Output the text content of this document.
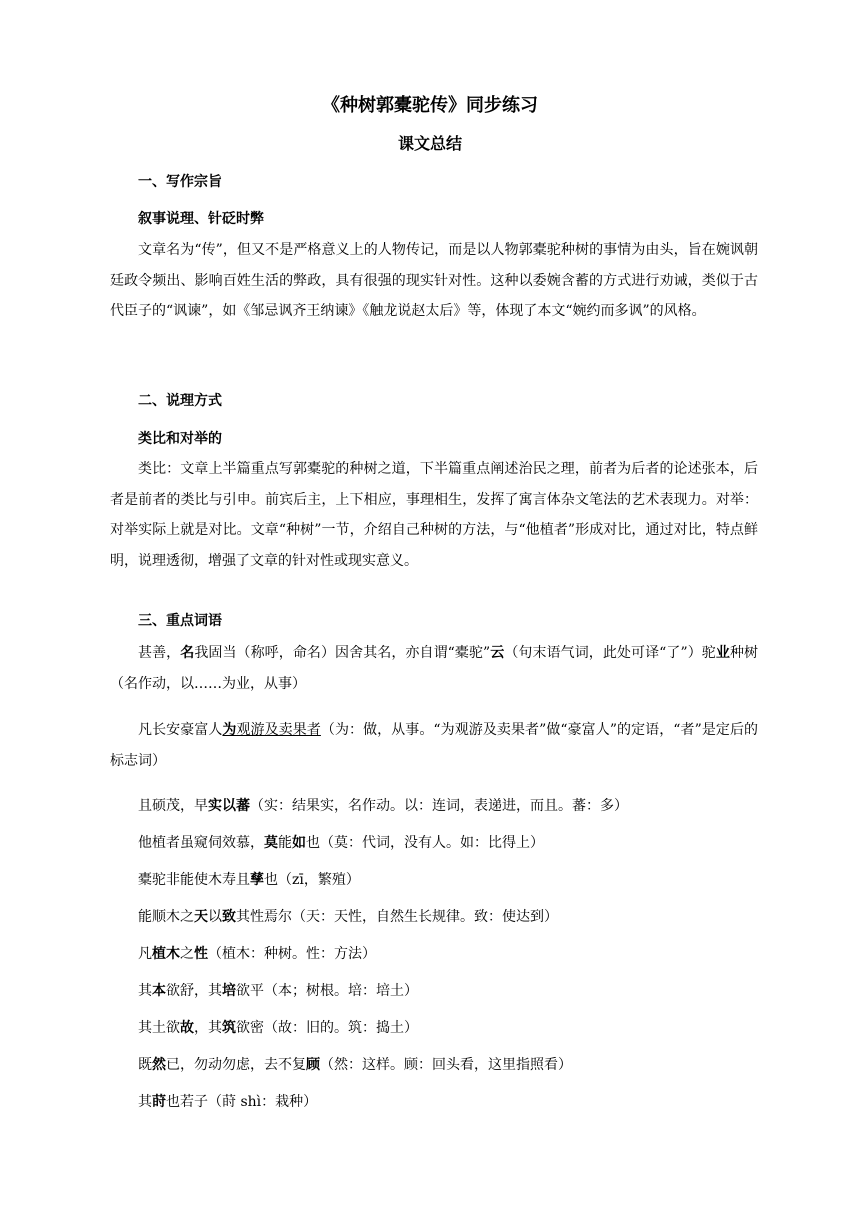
《种树郭橐驼传》同步练习
课文总结
一、写作宗旨
叙事说理、针砭时弊
文章名为“传”，但又不是严格意义上的人物传记，而是以人物郭橐驼种树的事情为由头，旨在婉讽朝廷政令频出、影响百姓生活的弊政，具有很强的现实针对性。这种以委婉含蓄的方式进行劝诫，类似于古代臣子的“讽谏”，如《邹忌讽齐王纳谏》《触龙说赵太后》等，体现了本文“婉约而多讽”的风格。
二、说理方式
类比和对举的
类比：文章上半篇重点写郭橐驼的种树之道，下半篇重点阐述治民之理，前者为后者的论述张本，后者是前者的类比与引申。前宾后主，上下相应，事理相生，发挥了寓言体杂文笔法的艺术表现力。对举：对举实际上就是对比。文章“种树”一节，介绍自己种树的方法，与“他植者”形成对比，通过对比，特点鲜明，说理透彻，增强了文章的针对性或现实意义。
三、重点词语
甚善，名我固当（称呼，命名）因舍其名，亦自谓“橐驼”云（句末语气词，此处可译“了”）驼业种树（名作动，以……为业，从事）
凡长安豪富人为观游及卖果者（为：做，从事。“为观游及卖果者”做“豪富人”的定语，“者”是定后的标志词）
且硕茂，早实以蕃（实：结果实，名作动。以：连词，表递进，而且。蕃：多）
他植者虽窥伺效慕，莫能如也（莫：代词，没有人。如：比得上）
橐驼非能使木寿且孳也（zī，繁殖）
能顺木之天以致其性焉尔（天：天性，自然生长规律。致：使达到）
凡植木之性（植木：种树。性：方法）
其本欲舒，其培欲平（本；树根。培：培土）
其土欲故，其筑欲密（故：旧的。筑：捣土）
既然已，勿动勿虑，去不复顾（然：这样。顾：回头看，这里指照看）
其莳也若子（莳 shì：栽种）
